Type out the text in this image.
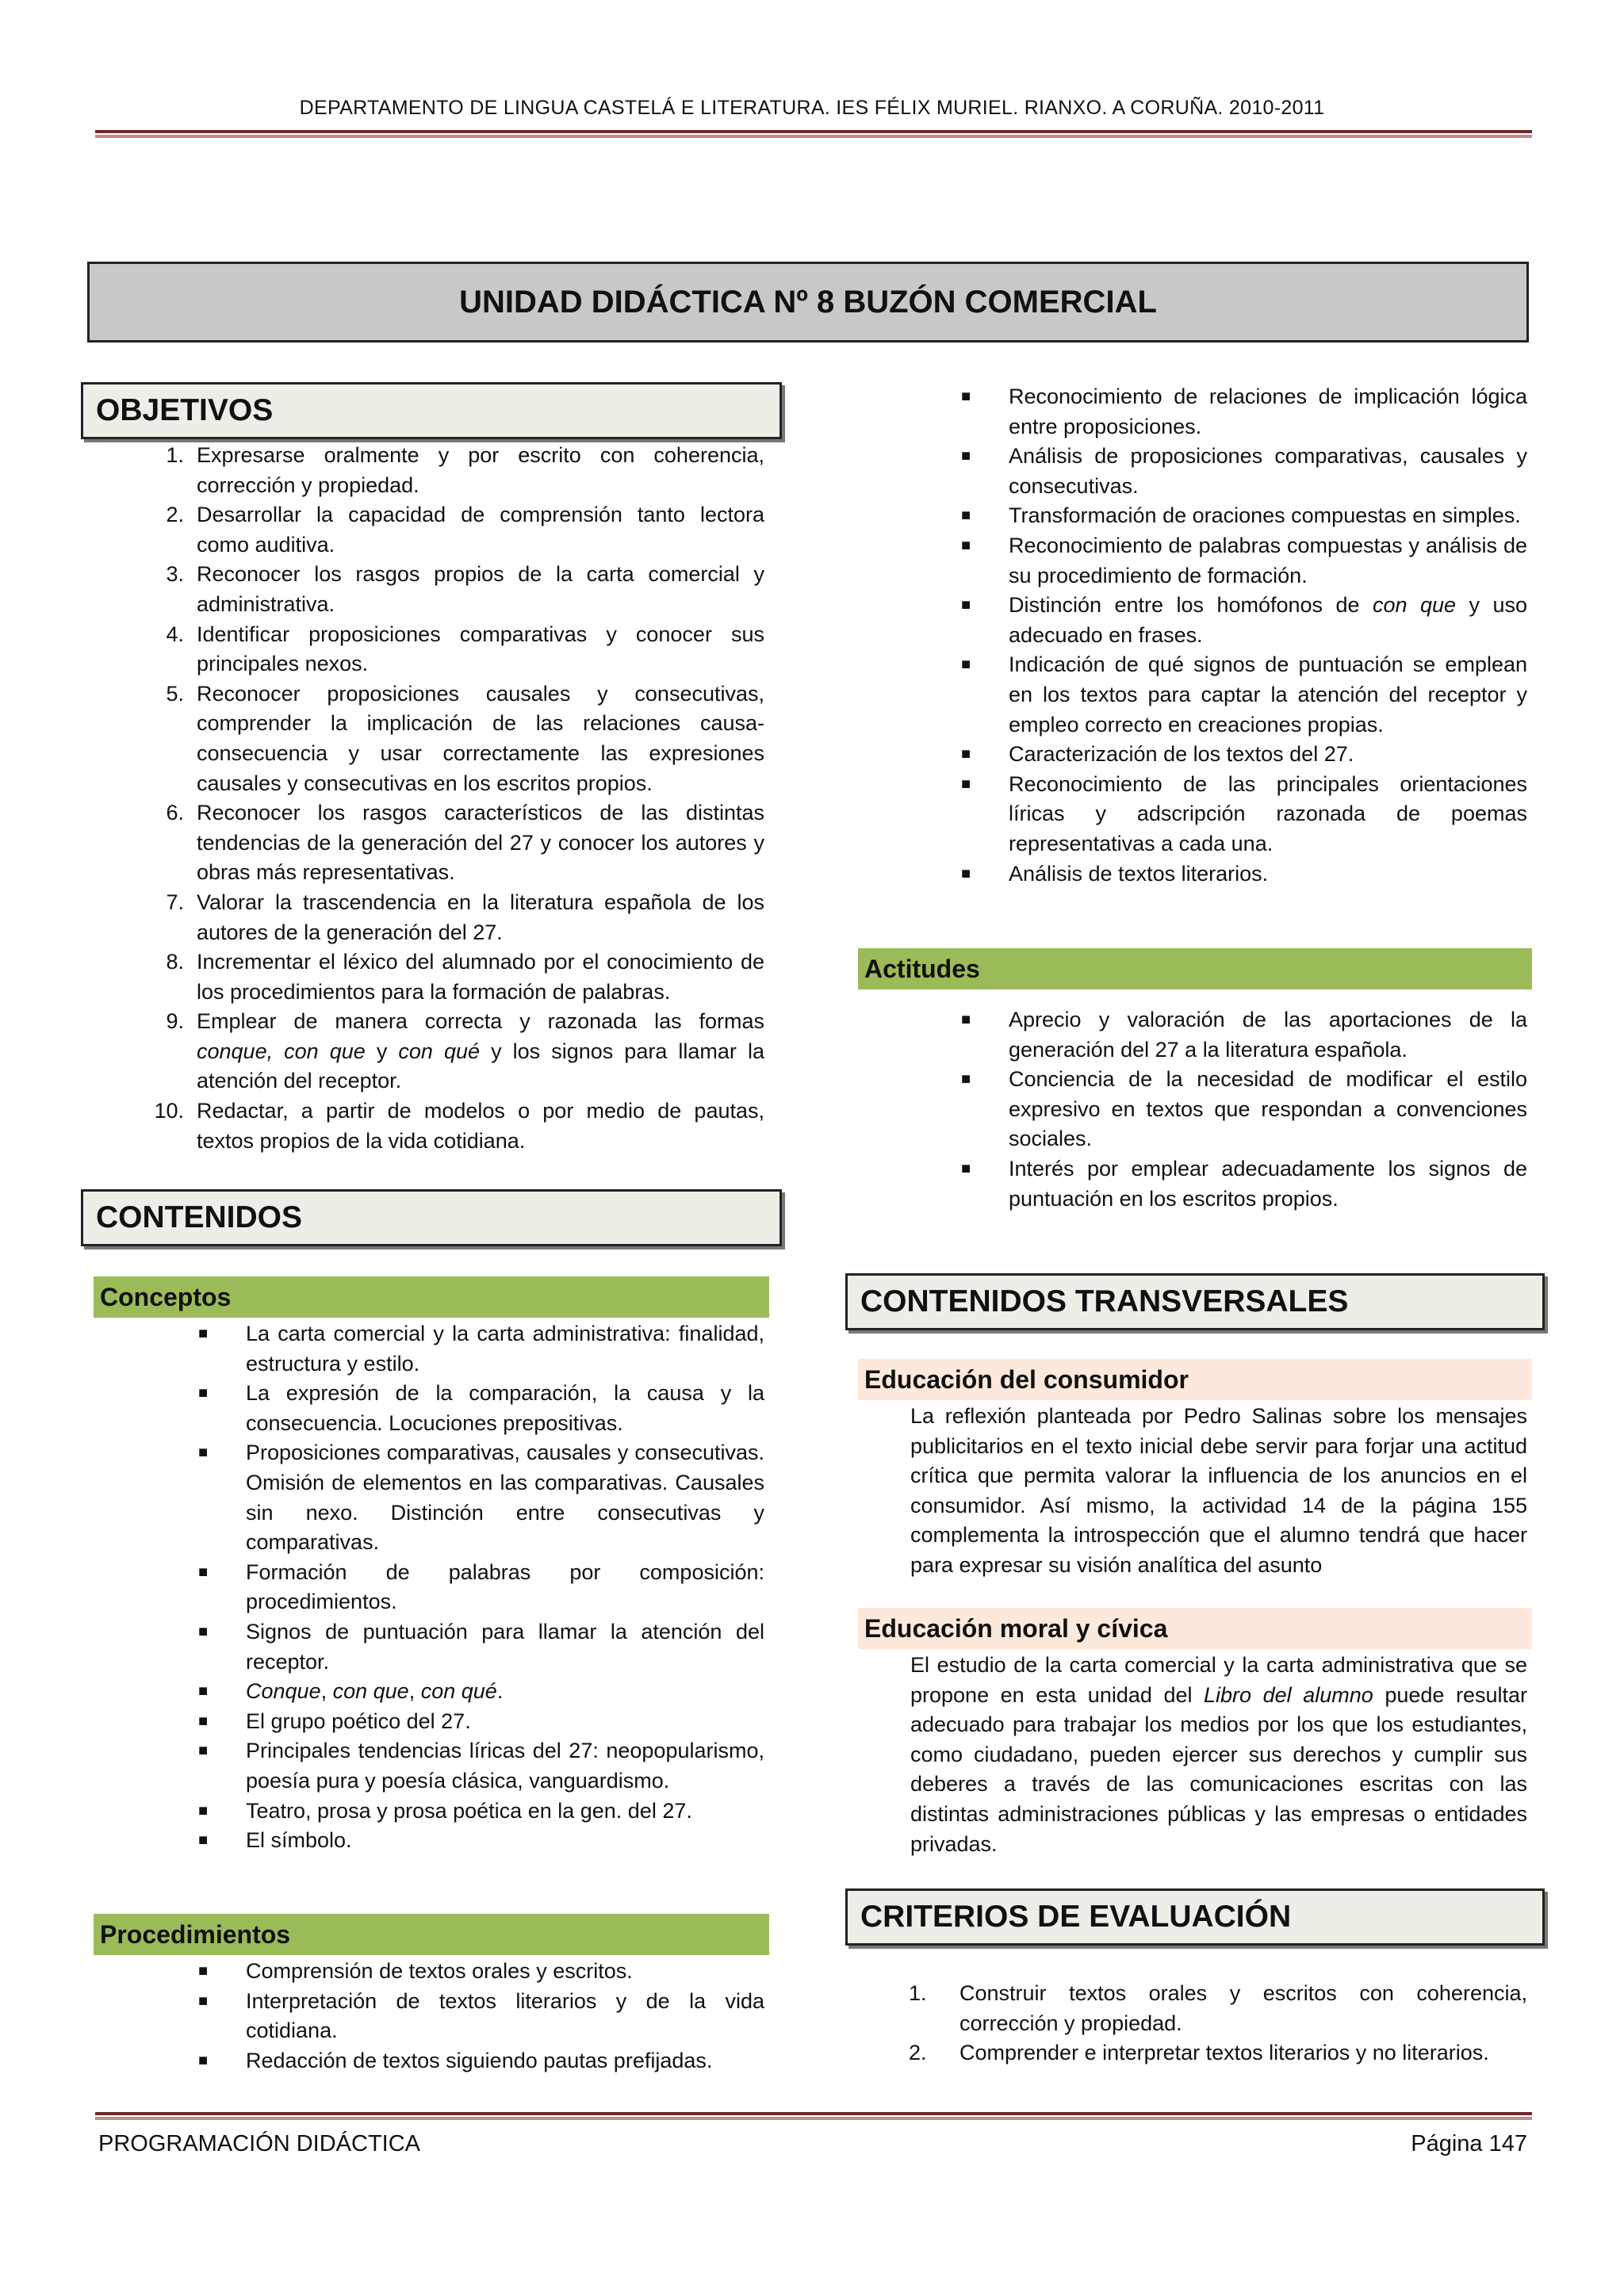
DEPARTAMENTO DE LINGUA CASTELÁ E LITERATURA. IES FÉLIX MURIEL. RIANXO. A CORUÑA. 2010-2011
UNIDAD DIDÁCTICA Nº 8 BUZÓN COMERCIAL
OBJETIVOS
1. Expresarse oralmente y por escrito con coherencia, corrección y propiedad.
2. Desarrollar la capacidad de comprensión tanto lectora como auditiva.
3. Reconocer los rasgos propios de la carta comercial y administrativa.
4. Identificar proposiciones comparativas y conocer sus principales nexos.
5. Reconocer proposiciones causales y consecutivas, comprender la implicación de las relaciones causa-consecuencia y usar correctamente las expresiones causales y consecutivas en los escritos propios.
6. Reconocer los rasgos característicos de las distintas tendencias de la generación del 27 y conocer los autores y obras más representativas.
7. Valorar la trascendencia en la literatura española de los autores de la generación del 27.
8. Incrementar el léxico del alumnado por el conocimiento de los procedimientos para la formación de palabras.
9. Emplear de manera correcta y razonada las formas conque, con que y con qué y los signos para llamar la atención del receptor.
10. Redactar, a partir de modelos o por medio de pautas, textos propios de la vida cotidiana.
CONTENIDOS
Conceptos
■ La carta comercial y la carta administrativa: finalidad, estructura y estilo.
■ La expresión de la comparación, la causa y la consecuencia. Locuciones prepositivas.
■ Proposiciones comparativas, causales y consecutivas. Omisión de elementos en las comparativas. Causales sin nexo. Distinción entre consecutivas y comparativas.
■ Formación de palabras por composición: procedimientos.
■ Signos de puntuación para llamar la atención del receptor.
■ Conque, con que, con qué.
■ El grupo poético del 27.
■ Principales tendencias líricas del 27: neopopularismo, poesía pura y poesía clásica, vanguardismo.
■ Teatro, prosa y prosa poética en la gen. del 27.
■ El símbolo.
Procedimientos
■ Comprensión de textos orales y escritos.
■ Interpretación de textos literarios y de la vida cotidiana.
■ Redacción de textos siguiendo pautas prefijadas.
■ Reconocimiento de relaciones de implicación lógica entre proposiciones.
■ Análisis de proposiciones comparativas, causales y consecutivas.
■ Transformación de oraciones compuestas en simples.
■ Reconocimiento de palabras compuestas y análisis de su procedimiento de formación.
■ Distinción entre los homófonos de con que y uso adecuado en frases.
■ Indicación de qué signos de puntuación se emplean en los textos para captar la atención del receptor y empleo correcto en creaciones propias.
■ Caracterización de los textos del 27.
■ Reconocimiento de las principales orientaciones líricas y adscripción razonada de poemas representativas a cada una.
■ Análisis de textos literarios.
Actitudes
■ Aprecio y valoración de las aportaciones de la generación del 27 a la literatura española.
■ Conciencia de la necesidad de modificar el estilo expresivo en textos que respondan a convenciones sociales.
■ Interés por emplear adecuadamente los signos de puntuación en los escritos propios.
CONTENIDOS TRANSVERSALES
Educación del consumidor
La reflexión planteada por Pedro Salinas sobre los mensajes publicitarios en el texto inicial debe servir para forjar una actitud crítica que permita valorar la influencia de los anuncios en el consumidor. Así mismo, la actividad 14 de la página 155 complementa la introspección que el alumno tendrá que hacer para expresar su visión analítica del asunto
Educación moral y cívica
El estudio de la carta comercial y la carta administrativa que se propone en esta unidad del Libro del alumno puede resultar adecuado para trabajar los medios por los que los estudiantes, como ciudadano, pueden ejercer sus derechos y cumplir sus deberes a través de las comunicaciones escritas con las distintas administraciones públicas y las empresas o entidades privadas.
CRITERIOS DE EVALUACIÓN
1.	Construir textos orales y escritos con coherencia, corrección y propiedad.
2.	Comprender e interpretar textos literarios y no literarios.
PROGRAMACIÓN DIDÁCTICA	Página 147
